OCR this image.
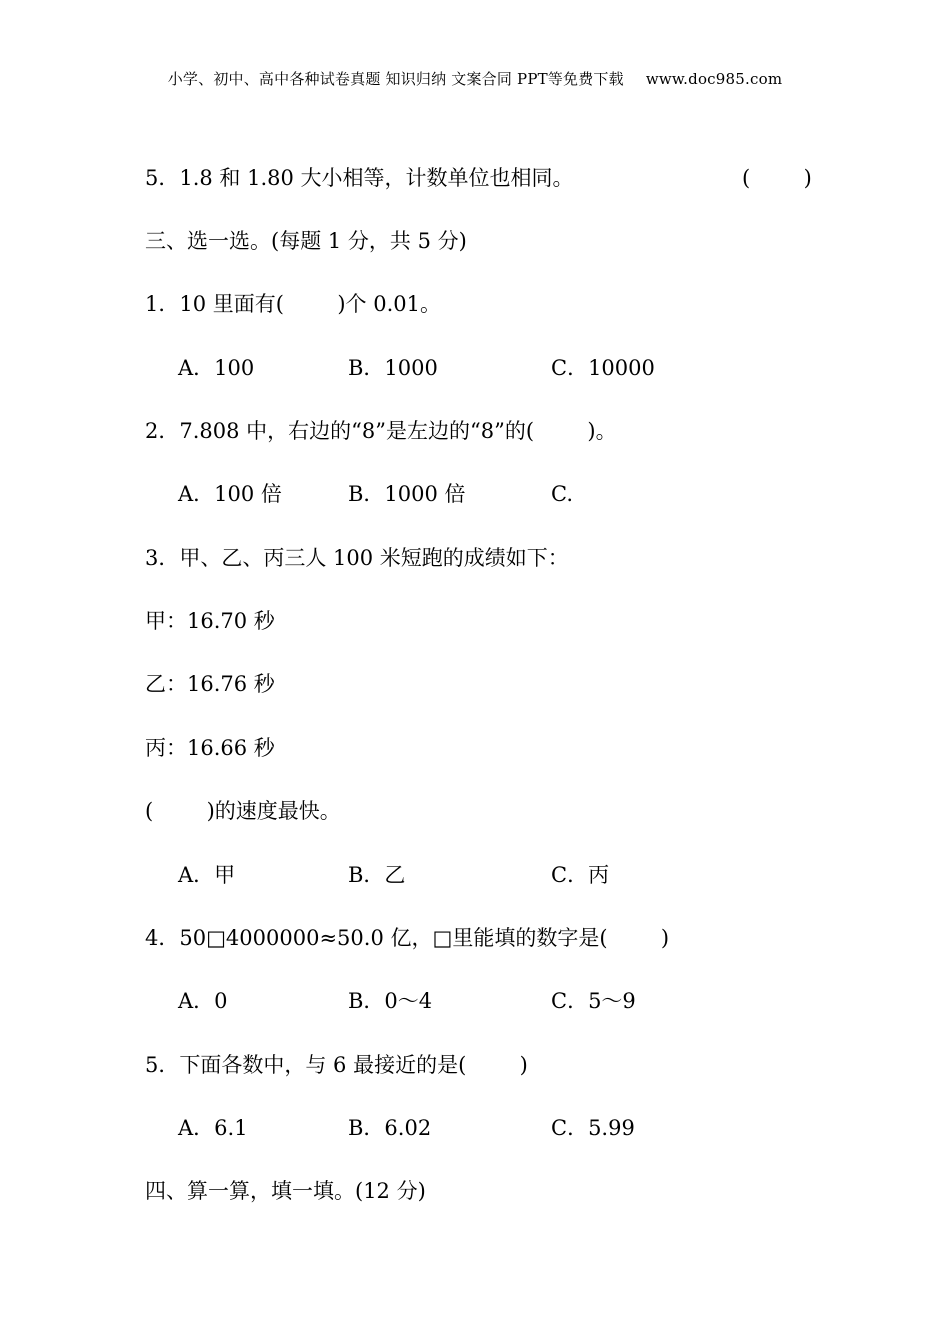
小学、初中、高中各种试卷真题 知识归纳 文案合同 PPT等免费下载 www.doc985.com
5．1.8 和 1.80 大小相等，计数单位也相同。	(        )
三、选一选。(每题 1 分，共 5 分)
1．10 里面有(        )个 0.01。
A．100	B．1000	C．10000
2．7.808 中，右边的“8”是左边的“8”的(        )。
A．100 倍	B．1000 倍	C.
3．甲、乙、丙三人 100 米短跑的成绩如下：
甲：16.70 秒
乙：16.76 秒
丙：16.66 秒
(        )的速度最快。
A．甲	B．乙	C．丙
4．50□4000000≈50.0 亿，□里能填的数字是(        )
A．0	B．0～4	C．5～9
5．下面各数中，与 6 最接近的是(        )
A．6.1	B．6.02	C．5.99
四、算一算，填一填。(12 分)
